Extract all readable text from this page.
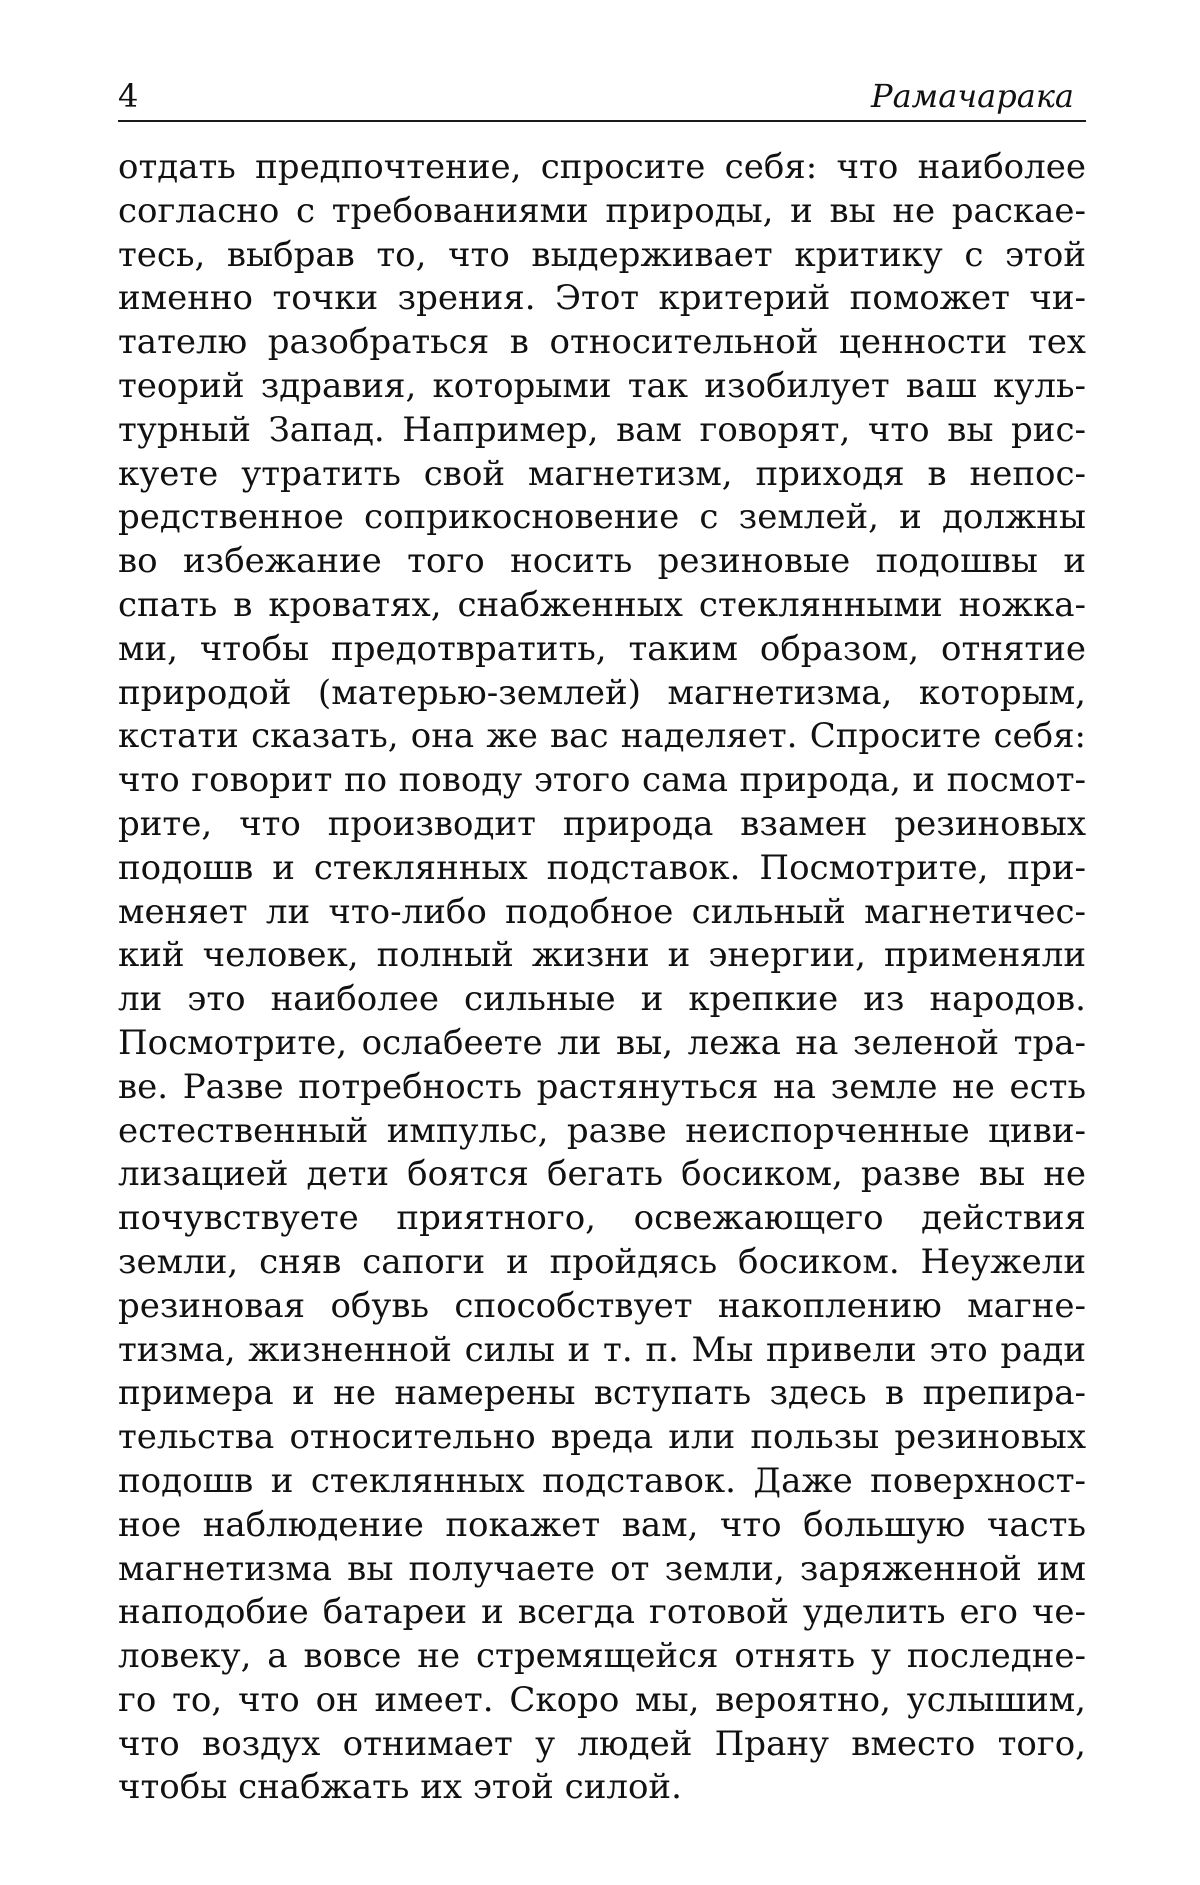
4	Рамачарака
отдать предпочтение, спросите себя: что наиболее
согласно с требованиями природы, и вы не раскае-
тесь, выбрав то, что выдерживает критику с этой
именно точки зрения. Этот критерий поможет чи-
тателю разобраться в относительной ценности тех
теорий здравия, которыми так изобилует ваш куль-
турный Запад. Например, вам говорят, что вы рис-
куете утратить свой магнетизм, приходя в непос-
редственное соприкосновение с землей, и должны
во избежание того носить резиновые подошвы и
спать в кроватях, снабженных стеклянными ножка-
ми, чтобы предотвратить, таким образом, отнятие
природой (матерью-землей) магнетизма, которым,
кстати сказать, она же вас наделяет. Спросите себя:
что говорит по поводу этого сама природа, и посмот-
рите, что производит природа взамен резиновых
подошв и стеклянных подставок. Посмотрите, при-
меняет ли что-либо подобное сильный магнетичес-
кий человек, полный жизни и энергии, применяли
ли это наиболее сильные и крепкие из народов.
Посмотрите, ослабеете ли вы, лежа на зеленой тра-
ве. Разве потребность растянуться на земле не есть
естественный импульс, разве неиспорченные циви-
лизацией дети боятся бегать босиком, разве вы не
почувствуете приятного, освежающего действия
земли, сняв сапоги и пройдясь босиком. Неужели
резиновая обувь способствует накоплению магне-
тизма, жизненной силы и т. п. Мы привели это ради
примера и не намерены вступать здесь в препира-
тельства относительно вреда или пользы резиновых
подошв и стеклянных подставок. Даже поверхност-
ное наблюдение покажет вам, что большую часть
магнетизма вы получаете от земли, заряженной им
наподобие батареи и всегда готовой уделить его че-
ловеку, а вовсе не стремящейся отнять у последне-
го то, что он имеет. Скоро мы, вероятно, услышим,
что воздух отнимает у людей Прану вместо того,
чтобы снабжать их этой силой.
